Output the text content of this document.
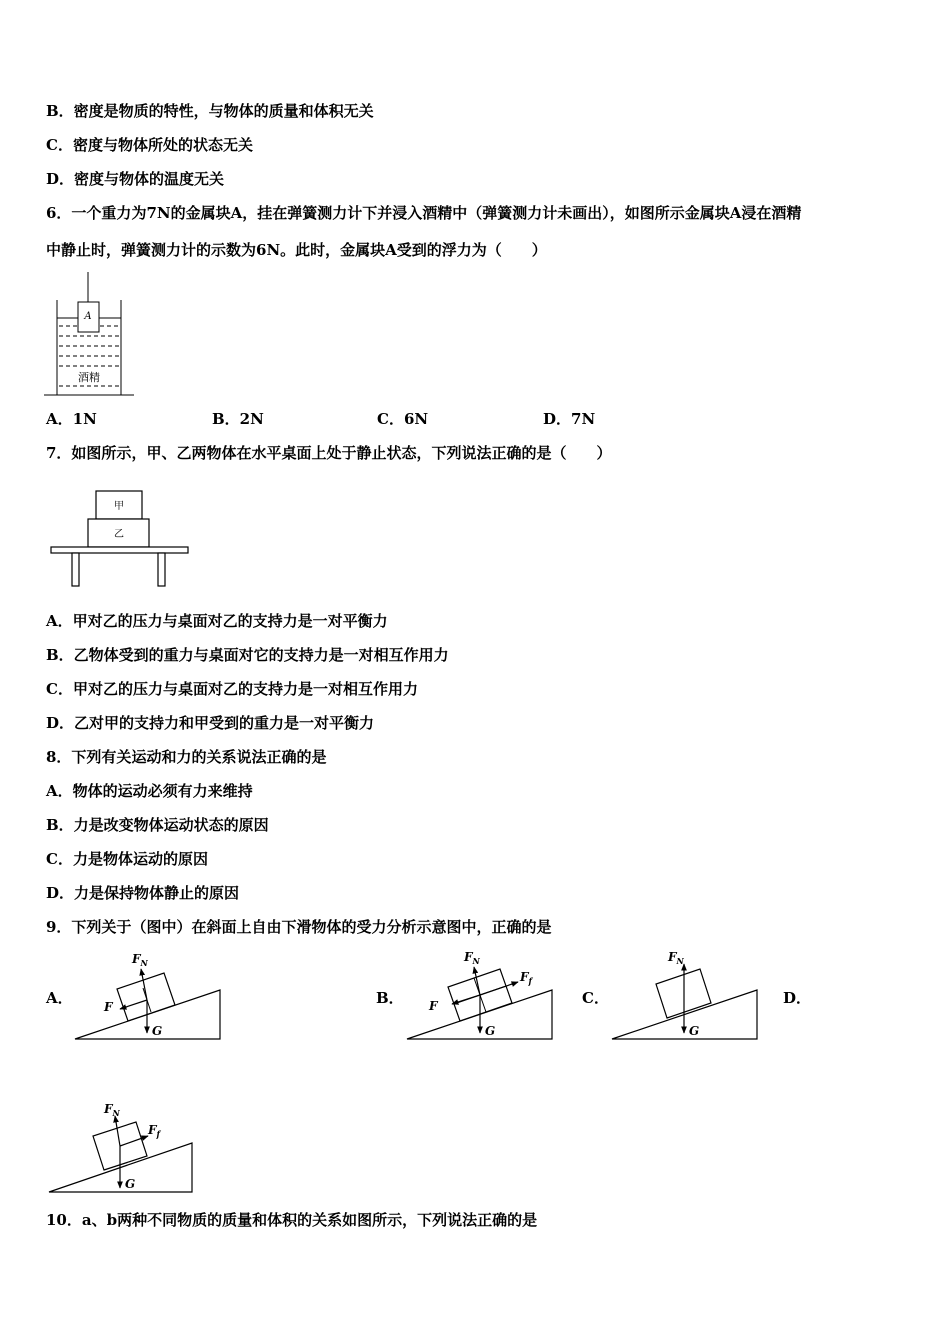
B．密度是物质的特性，与物体的质量和体积无关
C．密度与物体所处的状态无关
D．密度与物体的温度无关
6．一个重力为7N的金属块A，挂在弹簧测力计下并浸入酒精中（弹簧测力计未画出），如图所示金属块A浸在酒精
中静止时，弹簧测力计的示数为6N。此时，金属块A受到的浮力为（　　）
A
酒精
A．1N	B．2N	C．6N	D．7N
7．如图所示，甲、乙两物体在水平桌面上处于静止状态，下列说法正确的是（　　）
甲
乙
A．甲对乙的压力与桌面对乙的支持力是一对平衡力
B．乙物体受到的重力与桌面对它的支持力是一对相互作用力
C．甲对乙的压力与桌面对乙的支持力是一对相互作用力
D．乙对甲的支持力和甲受到的重力是一对平衡力
8．下列有关运动和力的关系说法正确的是
A．物体的运动必须有力来维持
B．力是改变物体运动状态的原因
C．力是物体运动的原因
D．力是保持物体静止的原因
9．下列关于（图中）在斜面上自由下滑物体的受力分析示意图中，正确的是
A．
$F_N$
F
G
B．
$F_N$
$F_f$
F
G
C．
$F_N$
G
D．
$F_N$
$F_f$
G
10．a、b两种不同物质的质量和体积的关系如图所示，下列说法正确的是
